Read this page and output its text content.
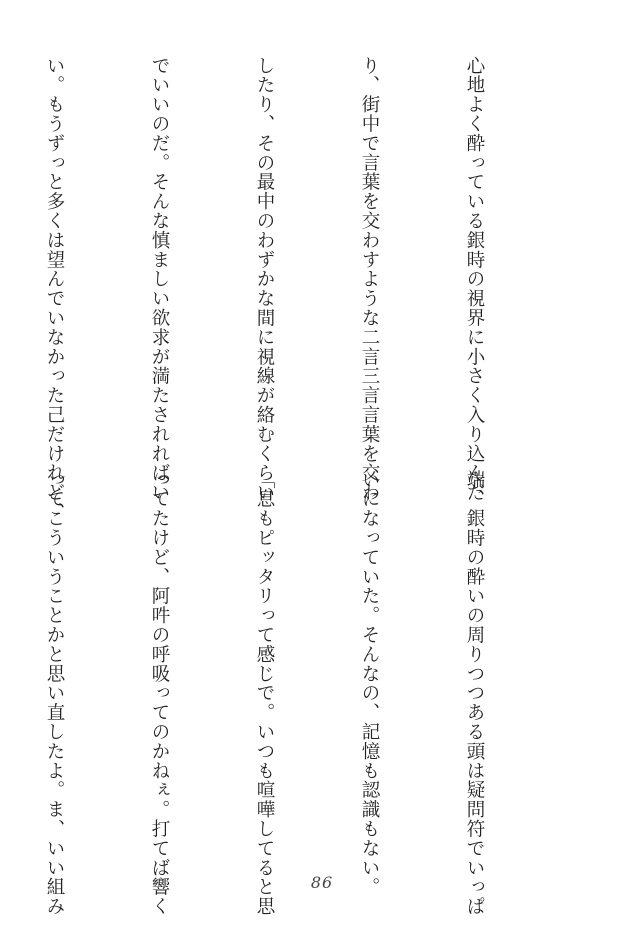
心地よく酔っている銀時の視界に小さく入り込んだ

り、街中で言葉を交わすような二言三言言葉を交わ

したり、その最中のわずかな間に視線が絡むくらい

でいいのだ。そんな慎ましい欲求が満たされればい

い。もうずっと多くは望んでいなかった己だけれど、

端、銀時の酔いの周りつつある頭は疑問符でいっぱ

いになっていた。そんなの、記憶も認識もない。

「息もピッタリって感じで。いつも喧嘩してると思

ってたけど、阿吽の呼吸ってのかねぇ。打てば響く

ってこういうことかと思い直したよ。ま、いい組み

	86
